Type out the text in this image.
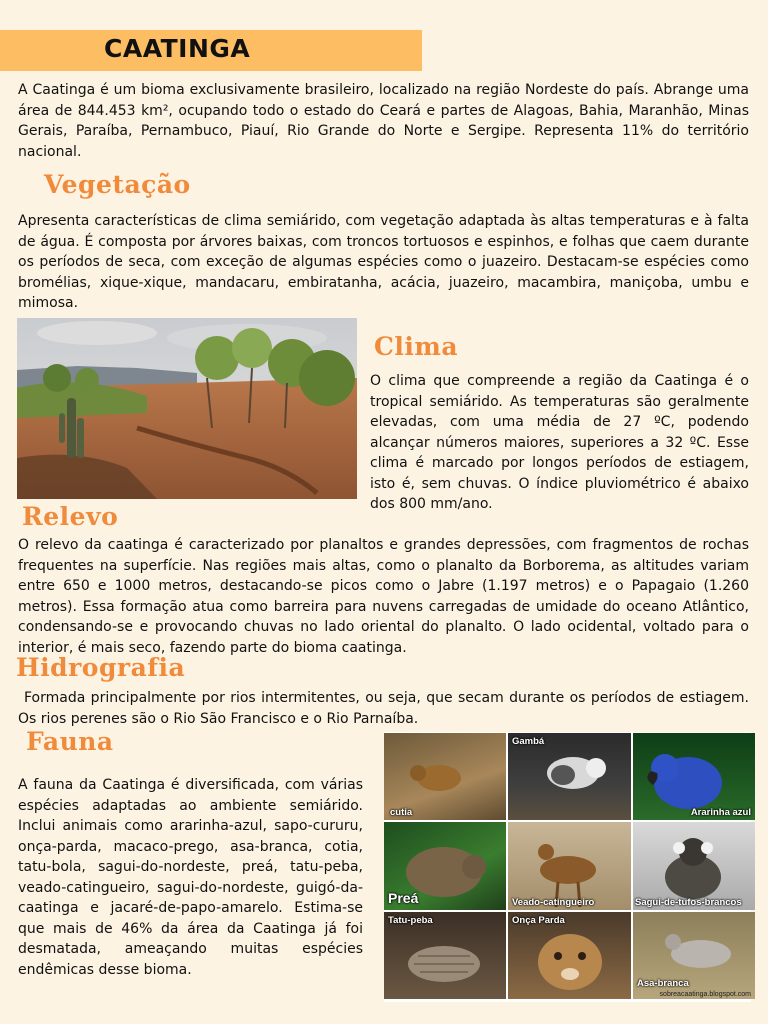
CAATINGA

A Caatinga é um bioma exclusivamente brasileiro, localizado na região Nordeste do país. Abrange uma área de 844.453 km², ocupando todo o estado do Ceará e partes de Alagoas, Bahia, Maranhão, Minas Gerais, Paraíba, Pernambuco, Piauí, Rio Grande do Norte e Sergipe. Representa 11% do território nacional.

Vegetação

Apresenta características de clima semiárido, com vegetação adaptada às altas temperaturas e à falta de água. É composta por árvores baixas, com troncos tortuosos e espinhos, e folhas que caem durante os períodos de seca, com exceção de algumas espécies como o juazeiro. Destacam-se espécies como bromélias, xique-xique, mandacaru, embiratanha, acácia, juazeiro, macambira, maniçoba, umbu e mimosa.

Clima

O clima que compreende a região da Caatinga é o tropical semiárido. As temperaturas são geralmente elevadas, com uma média de 27 ºC, podendo alcançar números maiores, superiores a 32 ºC. Esse clima é marcado por longos períodos de estiagem, isto é, sem chuvas. O índice pluviométrico é abaixo dos 800 mm/ano.

Relevo

O relevo da caatinga é caracterizado por planaltos e grandes depressões, com fragmentos de rochas frequentes na superfície. Nas regiões mais altas, como o planalto da Borborema, as altitudes variam entre 650 e 1000 metros, destacando-se picos como o Jabre (1.197 metros) e o Papagaio (1.260 metros). Essa formação atua como barreira para nuvens carregadas de umidade do oceano Atlântico, condensando-se e provocando chuvas no lado oriental do planalto. O lado ocidental, voltado para o interior, é mais seco, fazendo parte do bioma caatinga.

Hidrografia

Formada principalmente por rios intermitentes, ou seja, que secam durante os períodos de estiagem. Os rios perenes são o Rio São Francisco e o Rio Parnaíba.

Fauna

A fauna da Caatinga é diversificada, com várias espécies adaptadas ao ambiente semiárido. Inclui animais como ararinha-azul, sapo-cururu, onça-parda, macaco-prego, asa-branca, cotia, tatu-bola, sagui-do-nordeste, preá, tatu-peba, veado-catingueiro, sagui-do-nordeste, guigó-da-caatinga e jacaré-de-papo-amarelo. Estima-se que mais de 46% da área da Caatinga já foi desmatada, ameaçando muitas espécies endêmicas desse bioma.

cutia
Gambá
Ararinha azul
Preá	Veado-catingueiro	Sagui-de-tufos-brancos
Tatu-peba	Onça Parda
Asa-branca
sobreacaatinga.blogspot.com
